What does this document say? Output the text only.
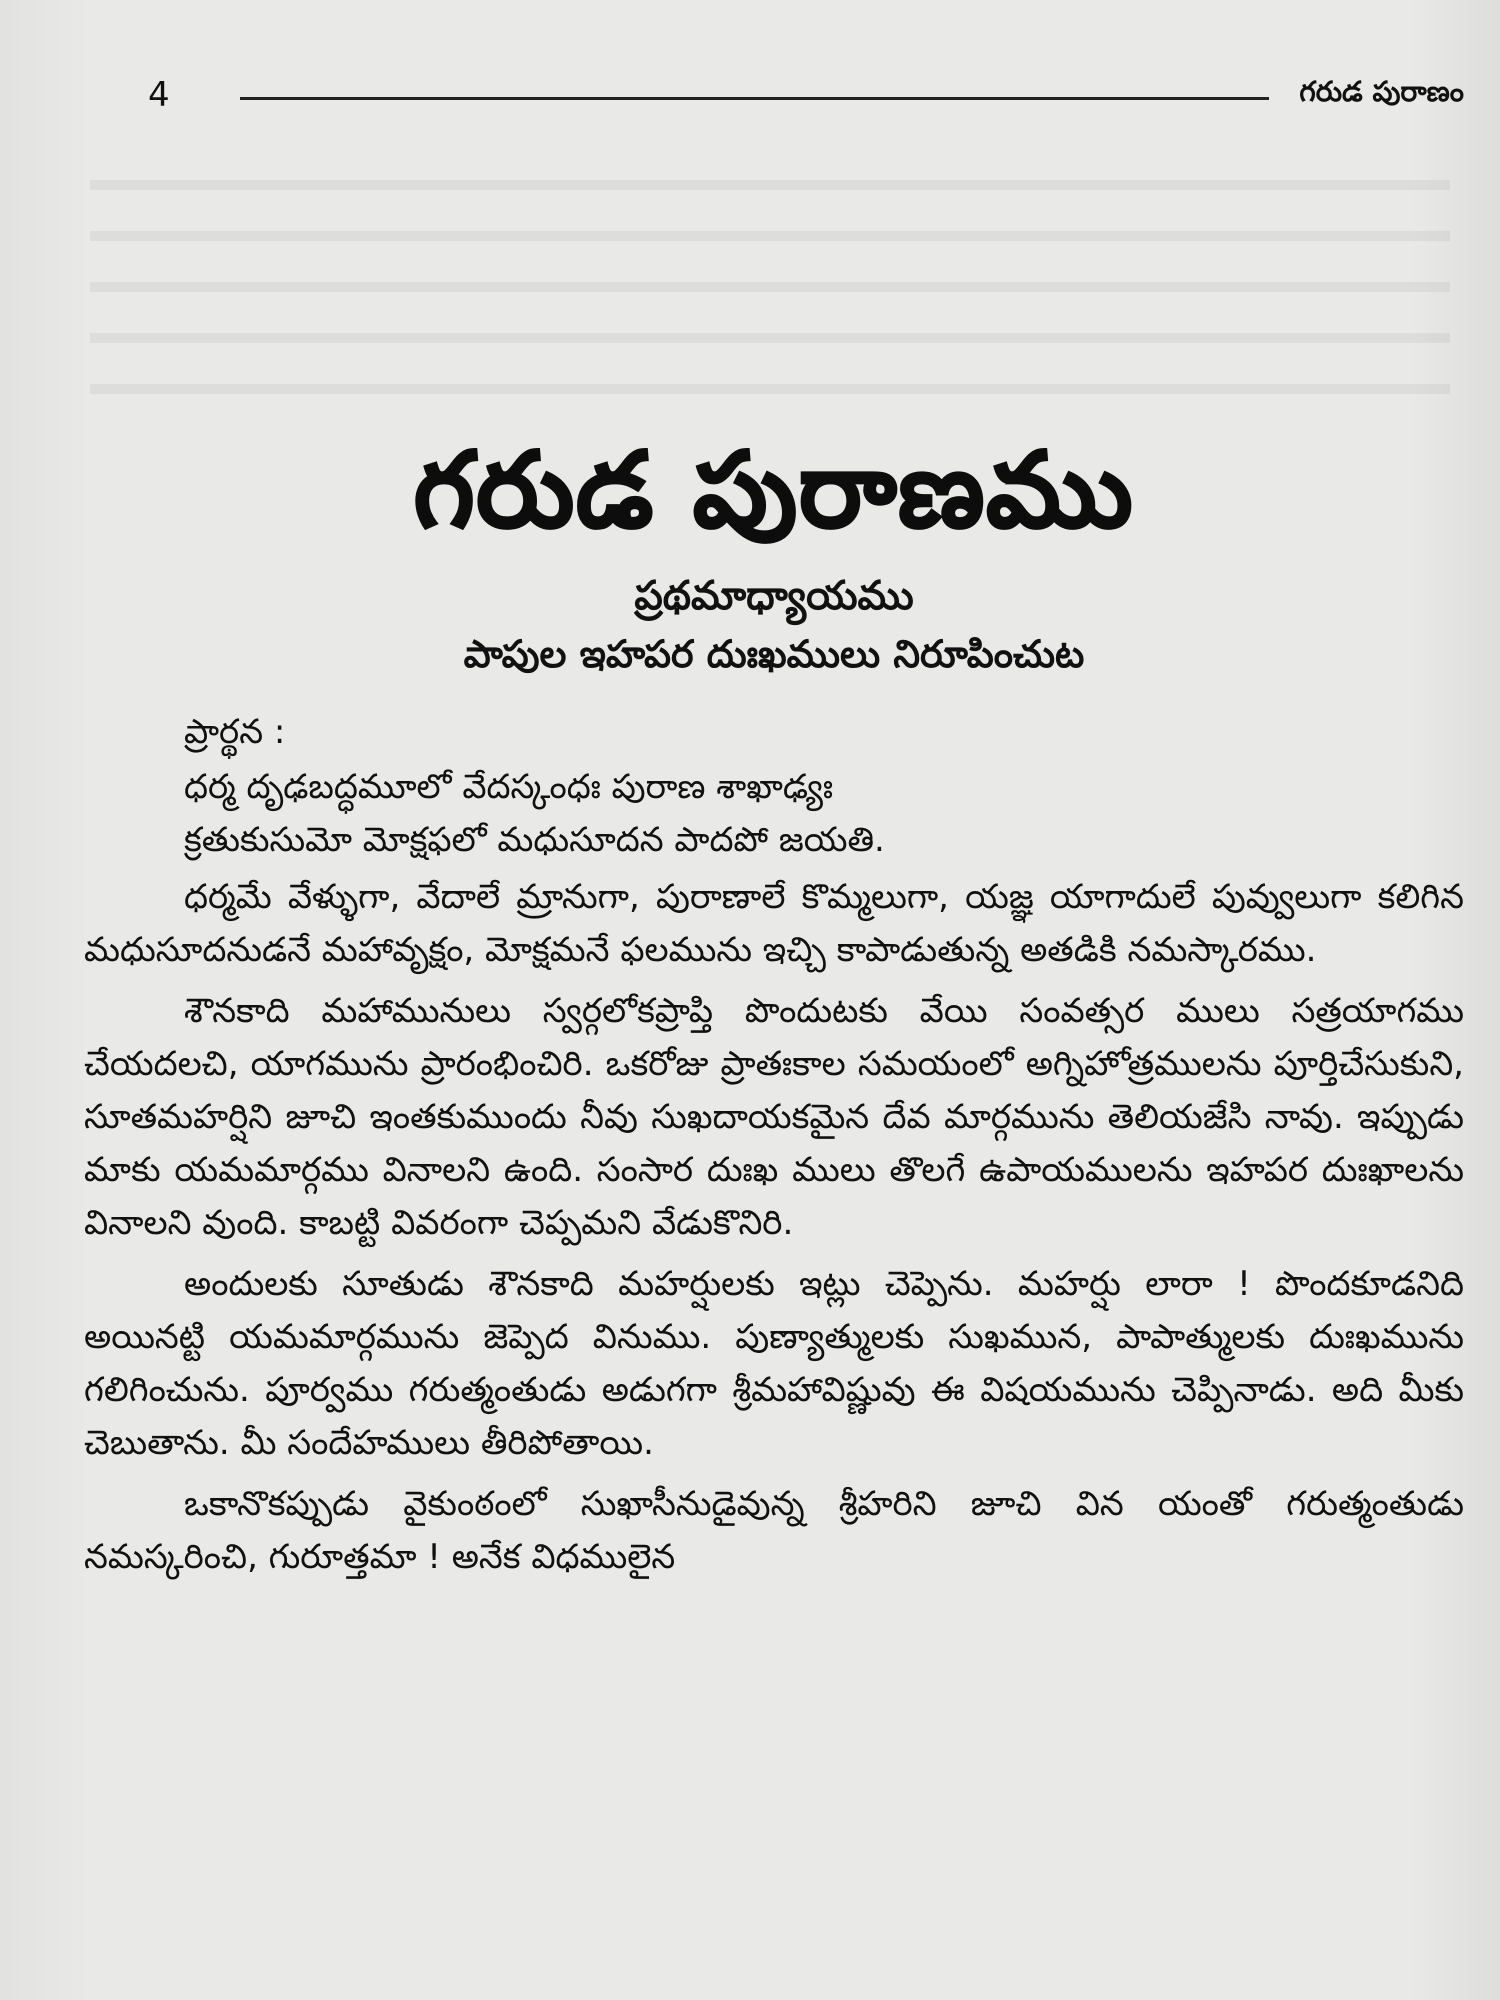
4	గరుడ పురాణం
గరుడ పురాణము
ప్రథమాధ్యాయము
పాపుల ఇహపర దుఃఖములు నిరూపించుట
ప్రార్థన :
ధర్మ దృఢబద్ధమూలో వేదస్కంధః పురాణ శాఖాఢ్యః
క్రతుకుసుమో మోక్షఫలో మధుసూదన పాదపో జయతి.

ధర్మమే వేళ్ళుగా, వేదాలే మ్రానుగా, పురాణాలే కొమ్మలుగా, యజ్ఞ యాగాదులే పువ్వులుగా కలిగిన మధుసూదనుడనే మహావృక్షం, మోక్షమనే ఫలమును ఇచ్చి కాపాడుతున్న అతడికి నమస్కారము.

శౌనకాది మహామునులు స్వర్గలోకప్రాప్తి పొందుటకు వేయి సంవత్సర ములు సత్రయాగము చేయదలచి, యాగమును ప్రారంభించిరి. ఒకరోజు ప్రాతఃకాల సమయంలో అగ్నిహోత్రములను పూర్తిచేసుకుని, సూతమహర్షిని జూచి ఇంతకుముందు నీవు సుఖదాయకమైన దేవ మార్గమును తెలియజేసి నావు. ఇప్పుడు మాకు యమమార్గము వినాలని ఉంది. సంసార దుఃఖ ములు తొలగే ఉపాయములను ఇహపర దుఃఖాలను వినాలని వుంది. కాబట్టి వివరంగా చెప్పమని వేడుకొనిరి.

అందులకు సూతుడు శౌనకాది మహర్షులకు ఇట్లు చెప్పెను. మహర్షు లారా ! పొందకూడనిది అయినట్టి యమమార్గమును జెప్పెద వినుము. పుణ్యాత్ములకు సుఖమున, పాపాత్ములకు దుఃఖమును గలిగించును. పూర్వము గరుత్మంతుడు అడుగగా శ్రీమహావిష్ణువు ఈ విషయమును చెప్పినాడు. అది మీకు చెబుతాను. మీ సందేహములు తీరిపోతాయి.

ఒకానొకప్పుడు వైకుంఠంలో సుఖాసీనుడైవున్న శ్రీహరిని జూచి విన యంతో గరుత్మంతుడు నమస్కరించి, గురూత్తమా ! అనేక విధములైన
